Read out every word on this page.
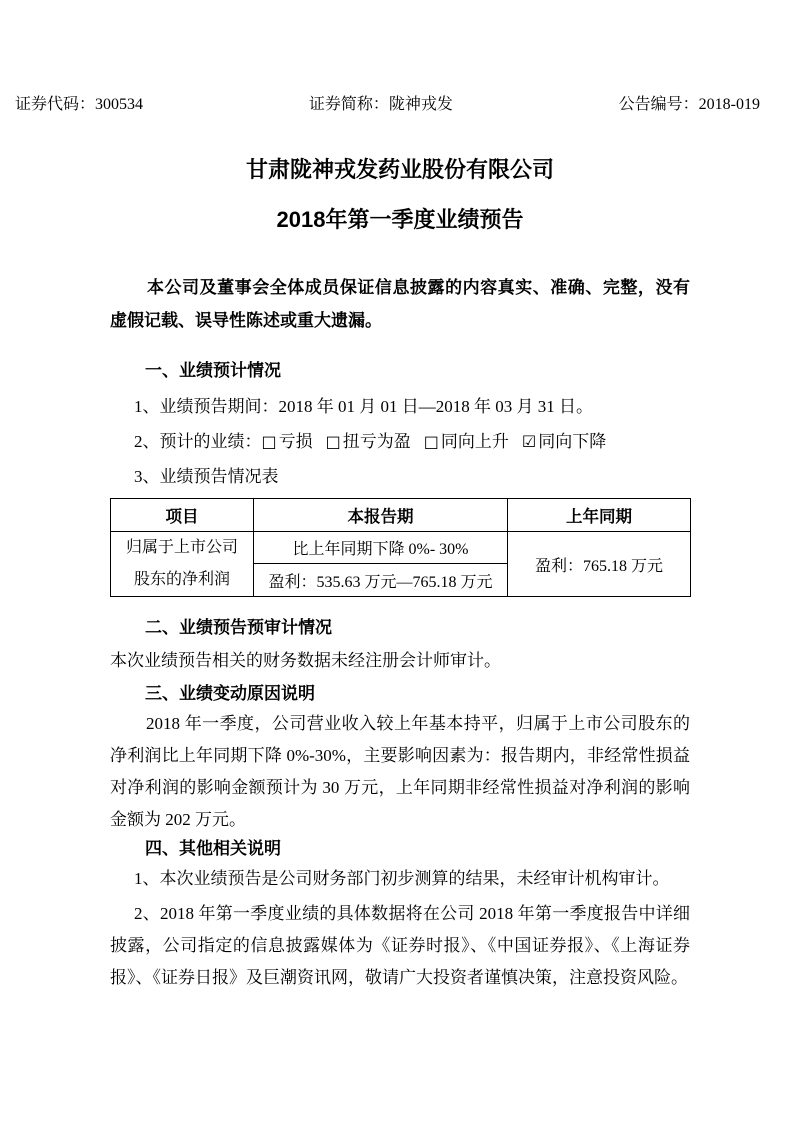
证券代码：300534	证券简称：陇神戎发	公告编号：2018-019
甘肃陇神戎发药业股份有限公司
2018年第一季度业绩预告

本公司及董事会全体成员保证信息披露的内容真实、准确、完整，没有虚假记载、误导性陈述或重大遗漏。

一、业绩预计情况

1、业绩预告期间：2018 年 01 月 01 日—2018 年 03 月 31 日。

2、预计的业绩：□ 亏损 □ 扭亏为盈 □ 同向上升 ☑ 同向下降

3、业绩预告情况表

项目	本报告期	上年同期

归属于上市公司
股东的净利润	比上年同期下降 0%- 30%	盈利：765.18 万元
	盈利：535.63 万元—765.18 万元	
二、业绩预告预审计情况

本次业绩预告相关的财务数据未经注册会计师审计。

三、业绩变动原因说明

2018 年一季度，公司营业收入较上年基本持平，归属于上市公司股东的净利润比上年同期下降 0%-30%，主要影响因素为：报告期内，非经常性损益对净利润的影响金额预计为 30 万元，上年同期非经常性损益对净利润的影响金额为 202 万元。

四、其他相关说明

1、本次业绩预告是公司财务部门初步测算的结果，未经审计机构审计。

2、2018 年第一季度业绩的具体数据将在公司 2018 年第一季度报告中详细披露，公司指定的信息披露媒体为《证券时报》、《中国证券报》、《上海证券报》、《证券日报》及巨潮资讯网，敬请广大投资者谨慎决策，注意投资风险。
